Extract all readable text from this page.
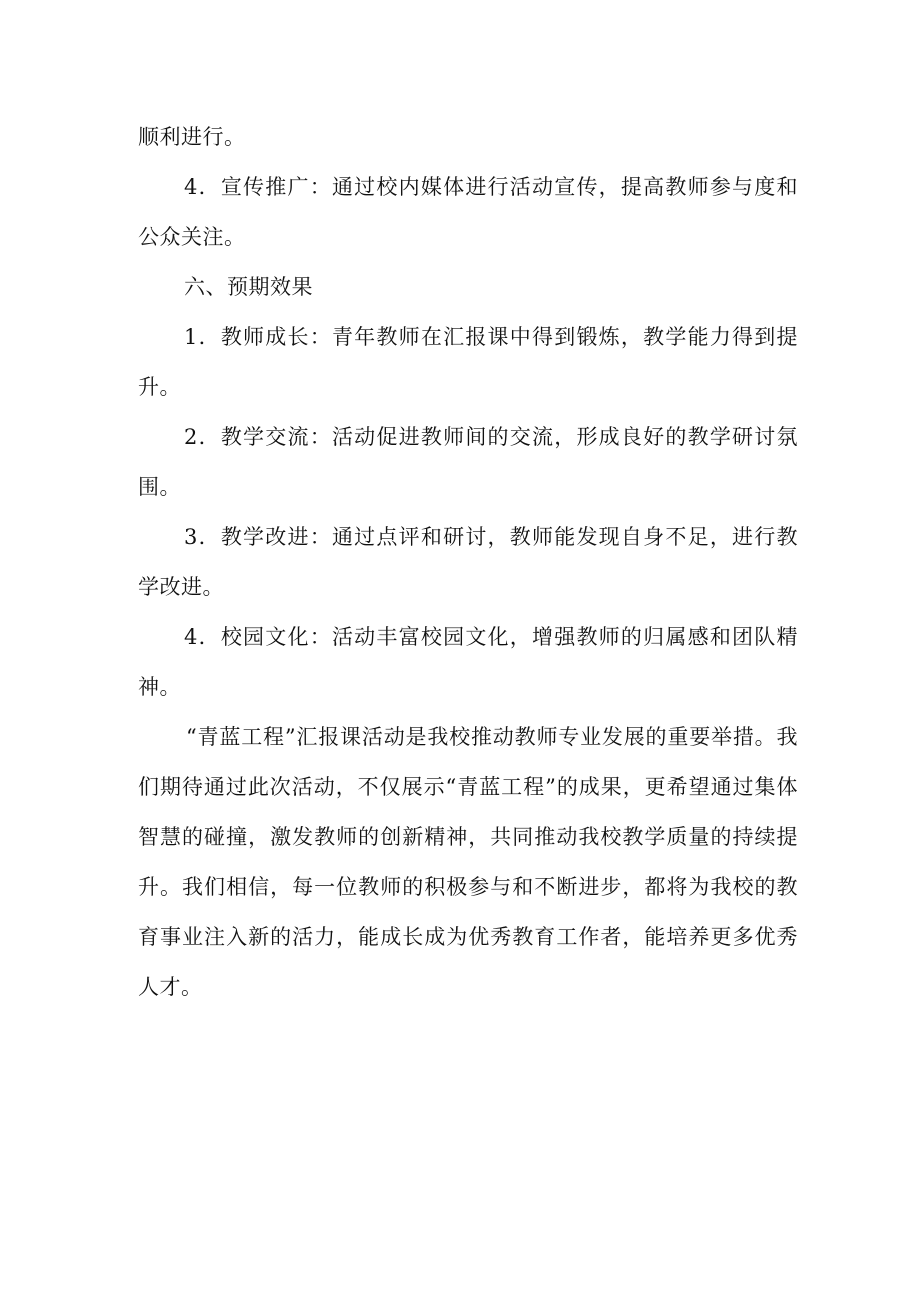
顺利进行。

4．宣传推广：通过校内媒体进行活动宣传，提高教师参与度和公众关注。

六、预期效果

1．教师成长：青年教师在汇报课中得到锻炼，教学能力得到提升。

2．教学交流：活动促进教师间的交流，形成良好的教学研讨氛围。

3．教学改进：通过点评和研讨，教师能发现自身不足，进行教学改进。

4．校园文化：活动丰富校园文化，增强教师的归属感和团队精神。

“青蓝工程”汇报课活动是我校推动教师专业发展的重要举措。我们期待通过此次活动，不仅展示“青蓝工程”的成果，更希望通过集体智慧的碰撞，激发教师的创新精神，共同推动我校教学质量的持续提升。我们相信，每一位教师的积极参与和不断进步，都将为我校的教育事业注入新的活力，能成长成为优秀教育工作者，能培养更多优秀人才。
